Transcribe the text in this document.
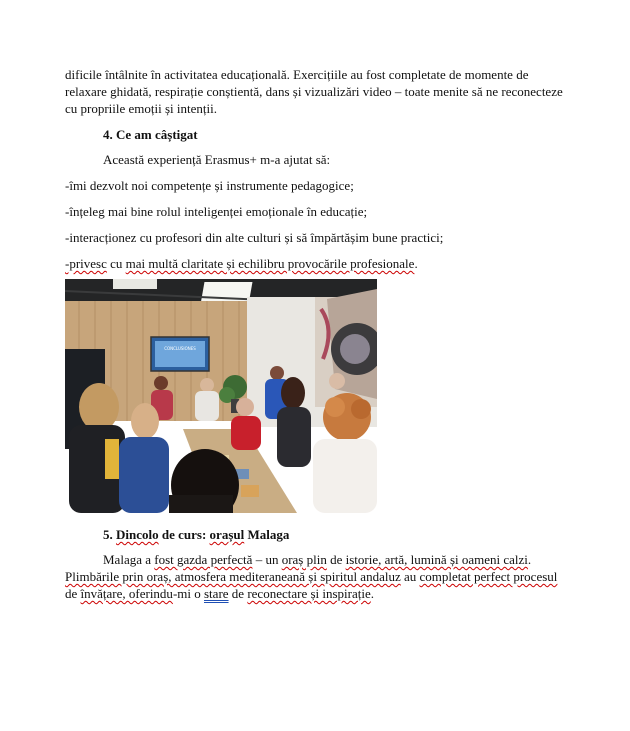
dificile întâlnite în activitatea educațională. Exercițiile au fost completate de momente de
relaxare ghidată, respirație conștientă, dans și vizualizări video – toate menite să ne reconecteze
cu propriile emoții și intenții.

4. Ce am câștigat

Această experiență Erasmus+ m-a ajutat să:

-îmi dezvolt noi competențe și instrumente pedagogice;

-înțeleg mai bine rolul inteligenței emoționale în educație;

-interacționez cu profesori din alte culturi și să împărtășim bune practici;

-privesc cu mai multă claritate și echilibru provocările profesionale.

CONCLUSIONES

5. Dincolo de curs: orașul Malaga

Malaga a fost gazda perfectă – un oraș plin de istorie, artă, lumină și oameni calzi.
Plimbările prin oraș, atmosfera mediteraneană și spiritul andaluz au completat perfect procesul
de învățare, oferindu-mi o stare de reconectare și inspirație.
